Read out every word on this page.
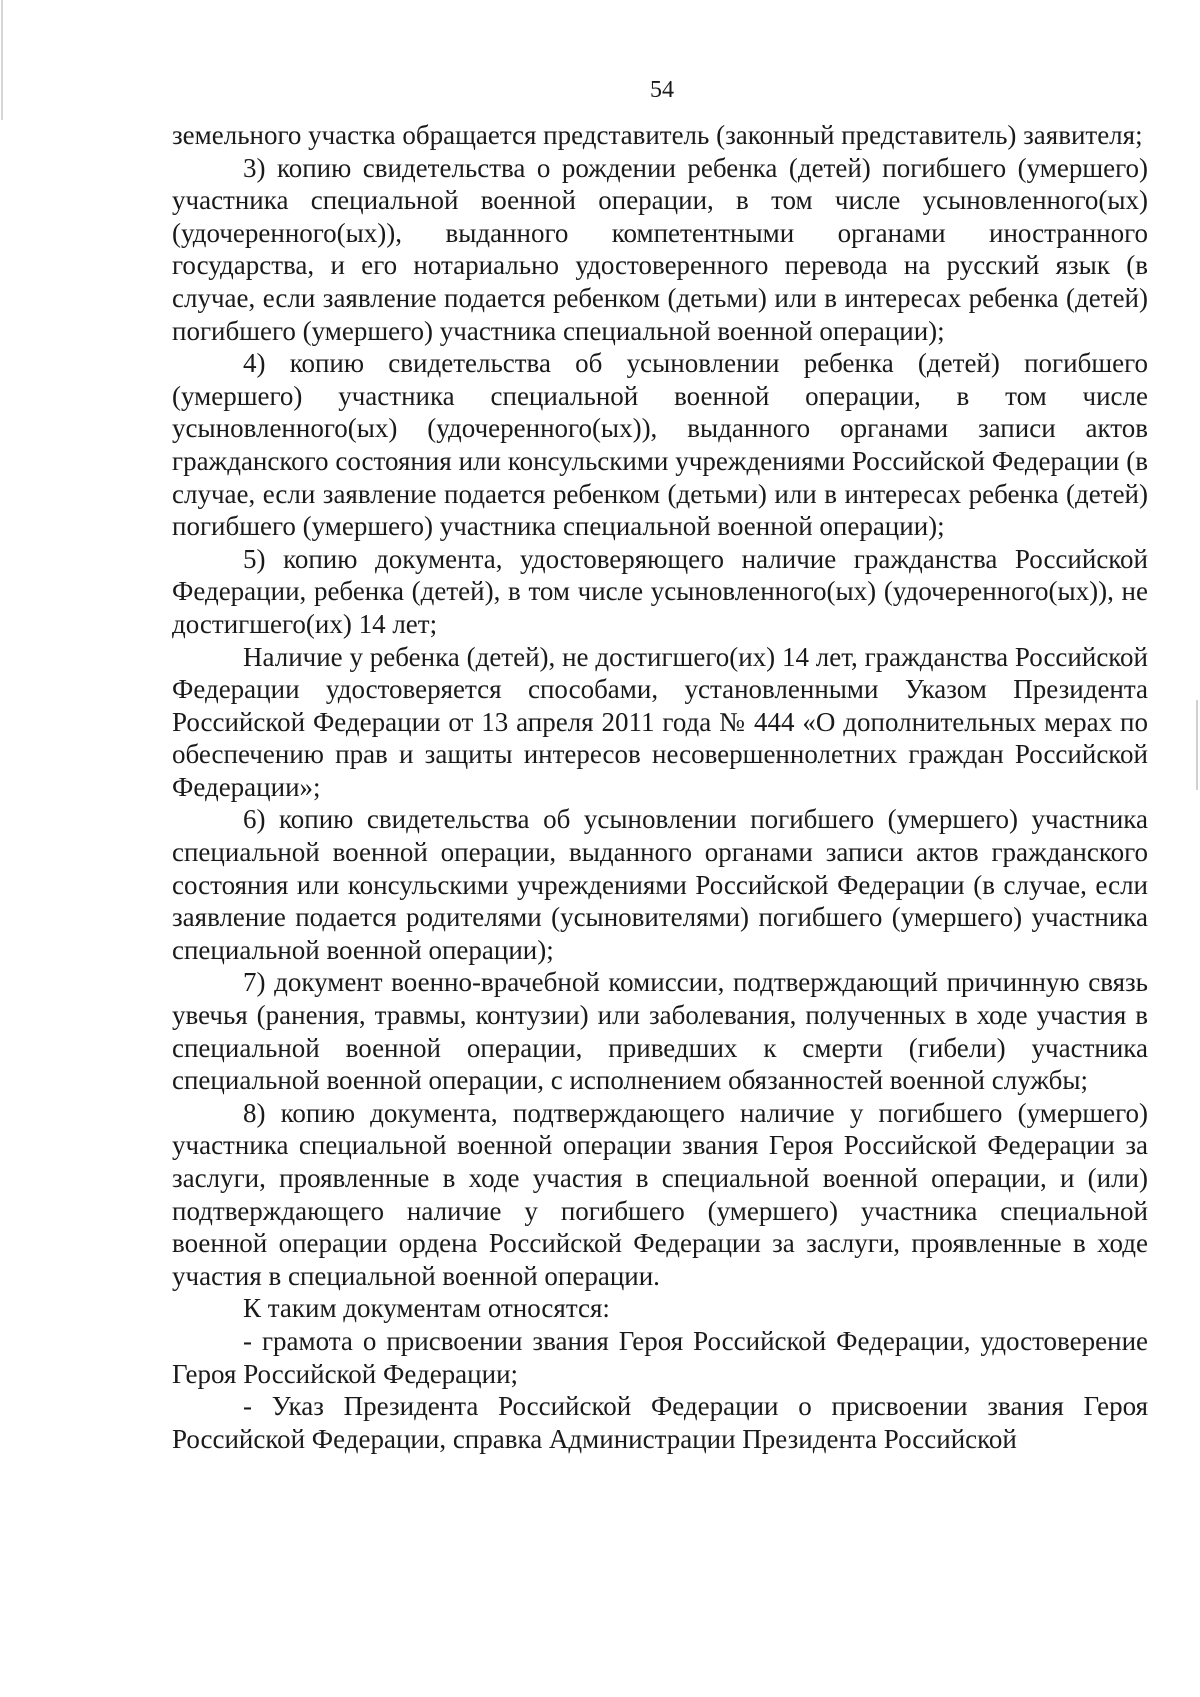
54

земельного участка обращается представитель (законный представитель) заявителя;

3) копию свидетельства о рождении ребенка (детей) погибшего (умершего) участника специальной военной операции, в том числе усыновленного(ых) (удочеренного(ых)), выданного компетентными органами иностранного государства, и его нотариально удостоверенного перевода на русский язык (в случае, если заявление подается ребенком (детьми) или в интересах ребенка (детей) погибшего (умершего) участника специальной военной операции);

4) копию свидетельства об усыновлении ребенка (детей) погибшего (умершего) участника специальной военной операции, в том числе усыновленного(ых) (удочеренного(ых)), выданного органами записи актов гражданского состояния или консульскими учреждениями Российской Федерации (в случае, если заявление подается ребенком (детьми) или в интересах ребенка (детей) погибшего (умершего) участника специальной военной операции);

5) копию документа, удостоверяющего наличие гражданства Российской Федерации, ребенка (детей), в том числе усыновленного(ых) (удочеренного(ых)), не достигшего(их) 14 лет;

Наличие у ребенка (детей), не достигшего(их) 14 лет, гражданства Российской Федерации удостоверяется способами, установленными Указом Президента Российской Федерации от 13 апреля 2011 года № 444 «О дополнительных мерах по обеспечению прав и защиты интересов несовершеннолетних граждан Российской Федерации»;

6) копию свидетельства об усыновлении погибшего (умершего) участника специальной военной операции, выданного органами записи актов гражданского состояния или консульскими учреждениями Российской Федерации (в случае, если заявление подается родителями (усыновителями) погибшего (умершего) участника специальной военной операции);

7) документ военно-врачебной комиссии, подтверждающий причинную связь увечья (ранения, травмы, контузии) или заболевания, полученных в ходе участия в специальной военной операции, приведших к смерти (гибели) участника специальной военной операции, с исполнением обязанностей военной службы;

8) копию документа, подтверждающего наличие у погибшего (умершего) участника специальной военной операции звания Героя Российской Федерации за заслуги, проявленные в ходе участия в специальной военной операции, и (или) подтверждающего наличие у погибшего (умершего) участника специальной военной операции ордена Российской Федерации за заслуги, проявленные в ходе участия в специальной военной операции.

К таким документам относятся:

- грамота о присвоении звания Героя Российской Федерации, удостоверение Героя Российской Федерации;

- Указ Президента Российской Федерации о присвоении звания Героя Российской Федерации, справка Администрации Президента Российской
